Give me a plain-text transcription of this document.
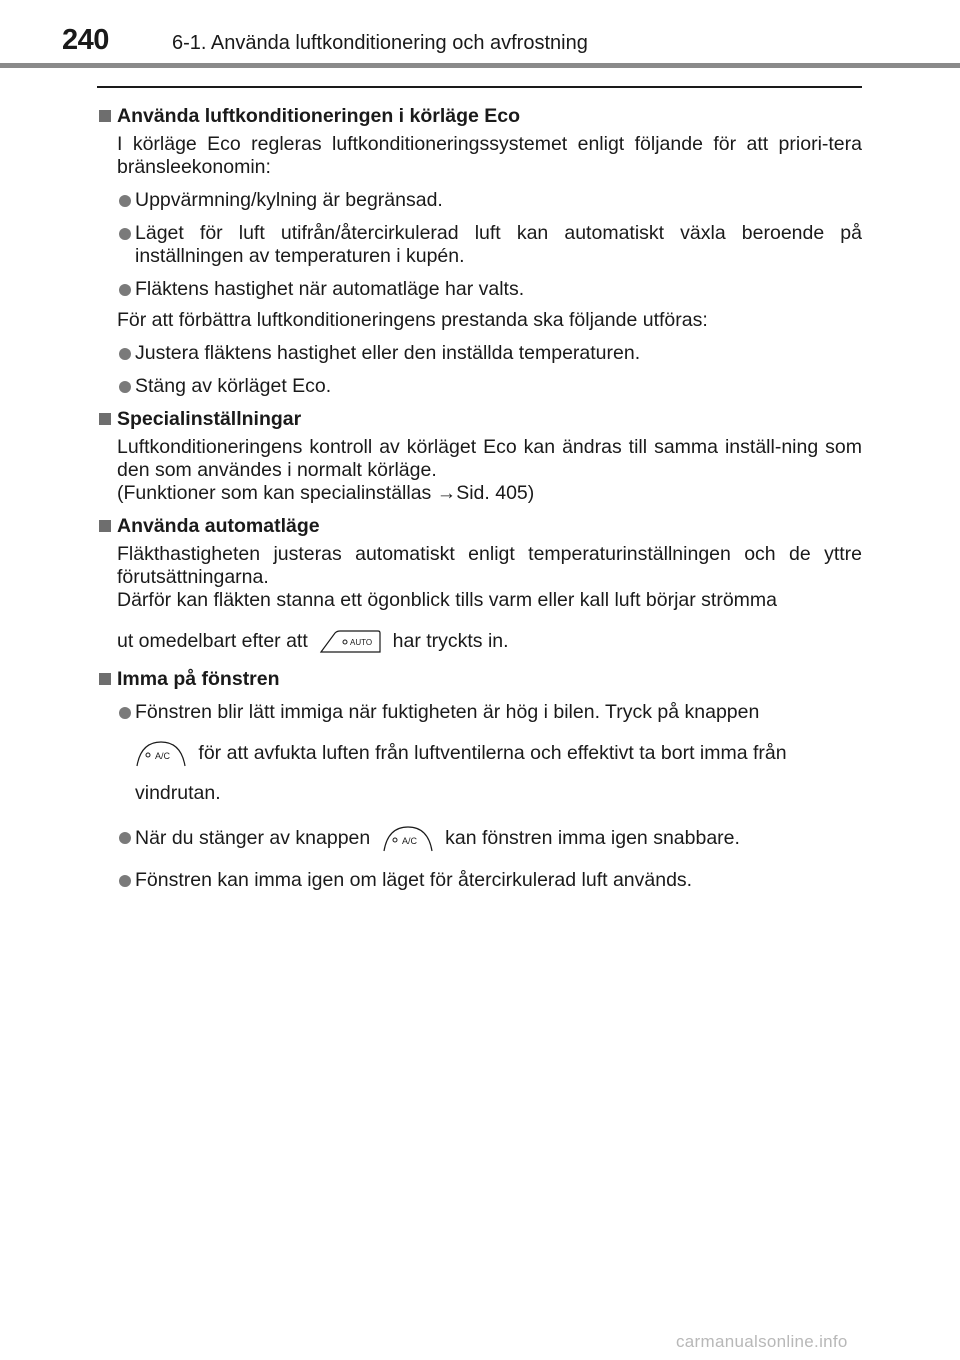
240	6-1. Använda luftkonditionering och avfrostning
Använda luftkonditioneringen i körläge Eco
I körläge Eco regleras luftkonditioneringssystemet enligt följande för att priori-tera bränsleekonomin:
Uppvärmning/kylning är begränsad.
Läget för luft utifrån/återcirkulerad luft kan automatiskt växla beroende på inställningen av temperaturen i kupén.
Fläktens hastighet när automatläge har valts.
För att förbättra luftkonditioneringens prestanda ska följande utföras:
Justera fläktens hastighet eller den inställda temperaturen.
Stäng av körläget Eco.
Specialinställningar
Luftkonditioneringens kontroll av körläget Eco kan ändras till samma inställ-ning som den som användes i normalt körläge.
(Funktioner som kan specialinställas →Sid. 405)
Använda automatläge
Fläkthastigheten justeras automatiskt enligt temperaturinställningen och de yttre förutsättningarna.
Därför kan fläkten stanna ett ögonblick tills varm eller kall luft börjar strömma
ut omedelbart efter att	AUTO har tryckts in.
Imma på fönstren
Fönstren blir lätt immiga när fuktigheten är hög i bilen. Tryck på knappen
A/C för att avfukta luften från luftventilerna och effektivt ta bort imma från
vindrutan.
När du stänger av knappen	A/C kan fönstren imma igen snabbare.
Fönstren kan imma igen om läget för återcirkulerad luft används.
carmanualsonline.info
